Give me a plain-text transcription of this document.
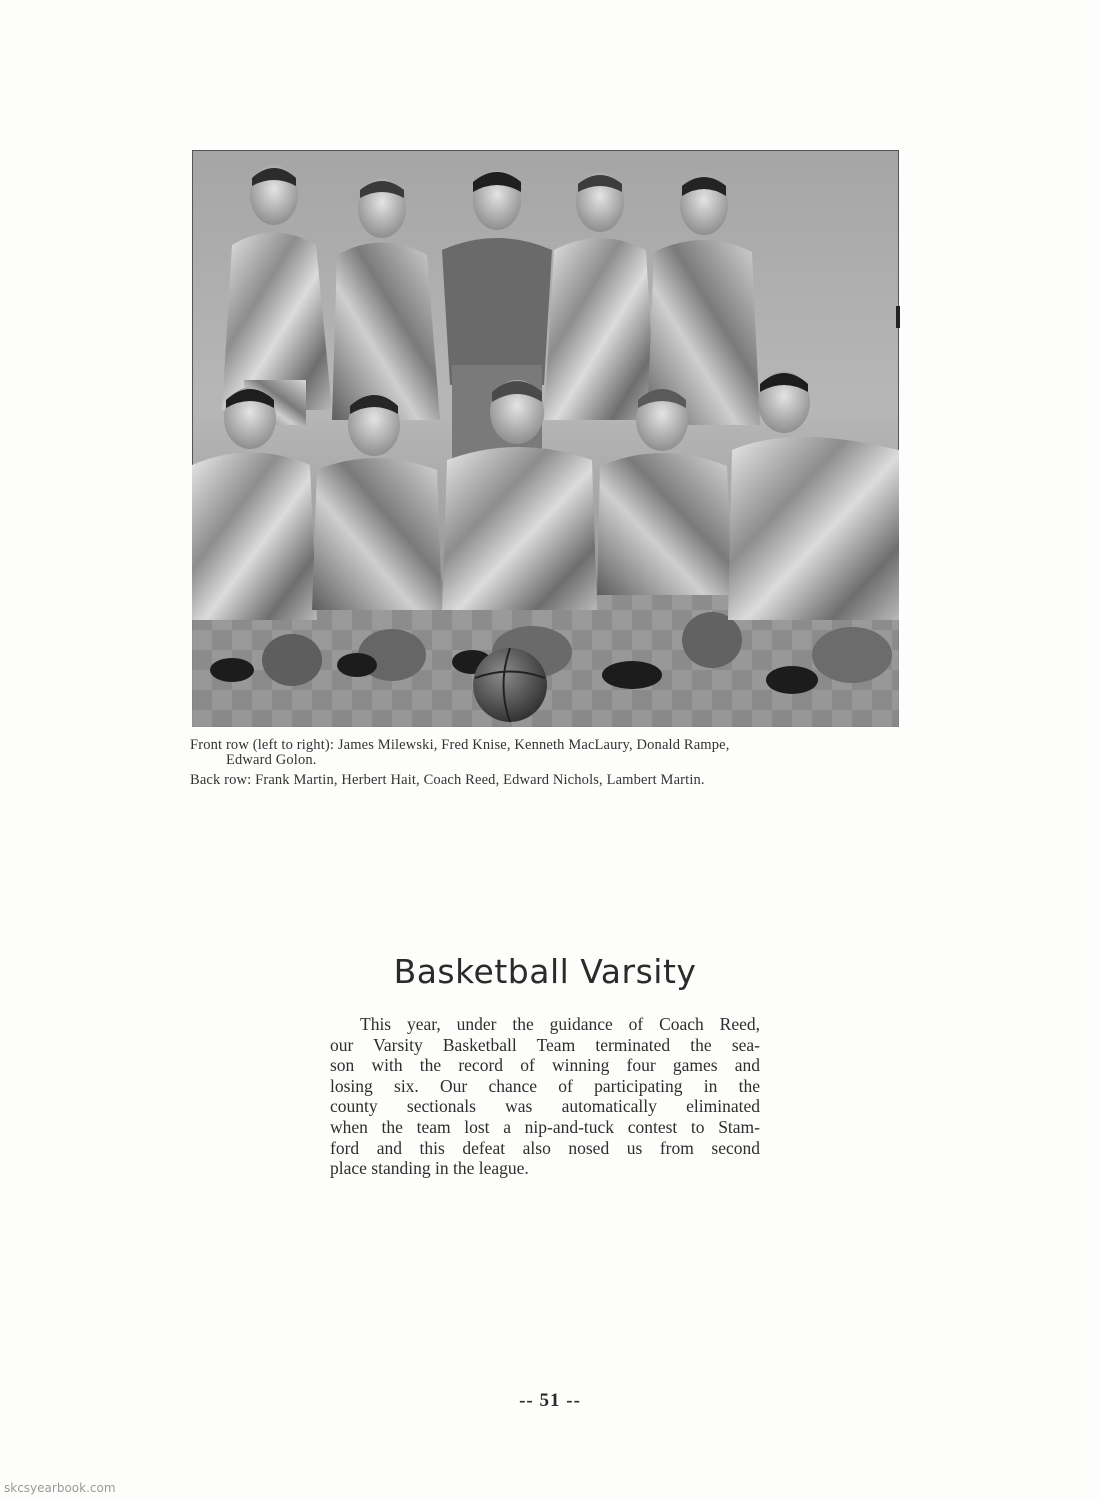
Front row (left to right): James Milewski, Fred Knise, Kenneth MacLaury, Donald Rampe,

Edward Golon.

Back row: Frank Martin, Herbert Hait, Coach Reed, Edward Nichols, Lambert Martin.

Basketball Varsity
This year, under the guidance of Coach Reed,
our Varsity Basketball Team terminated the sea-
son with the record of winning four games and
losing six. Our chance of participating in the
county sectionals was automatically eliminated
when the team lost a nip-and-tuck contest to Stam-
ford and this defeat also nosed us from second
place standing in the league.
-- 51 --
skcsyearbook.com
